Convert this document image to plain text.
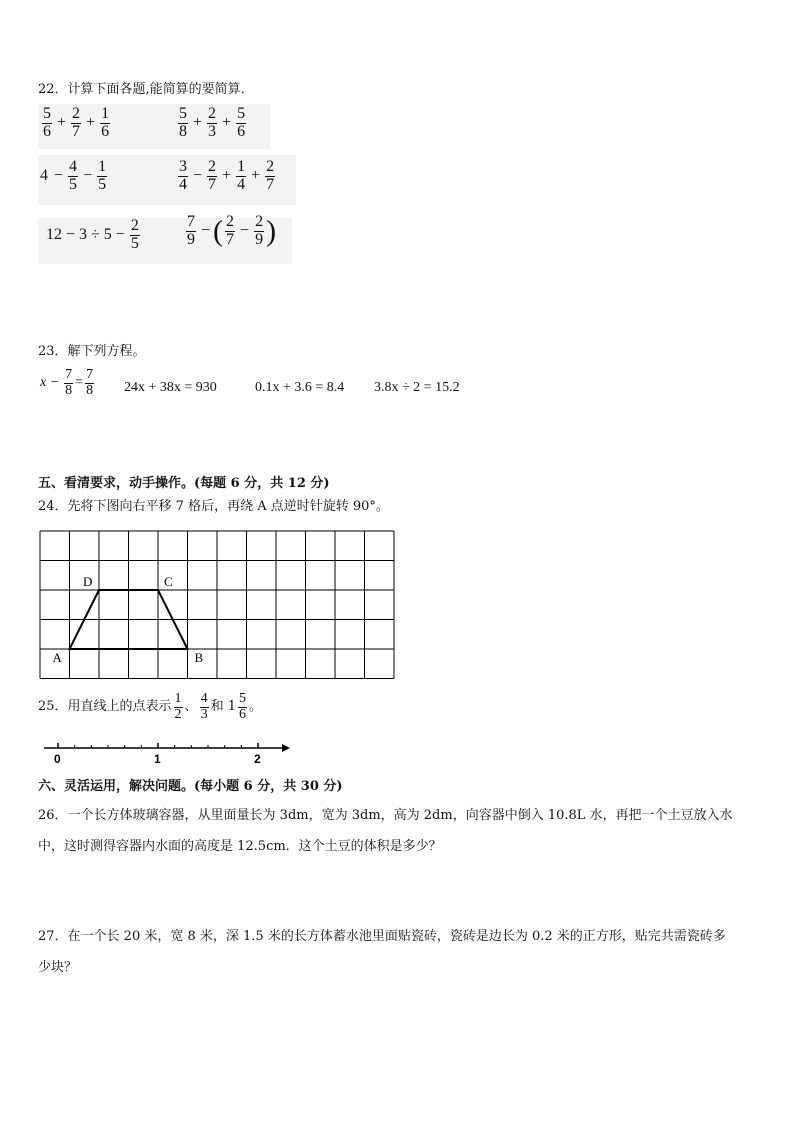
22．计算下面各题,能简算的要简算．
$\frac{5}{6} + \frac{2}{7} + \frac{1}{6}$	$\frac{5}{8} + \frac{2}{3} + \frac{5}{6}$
$4 - \frac{4}{5} - \frac{1}{5}$	$\frac{3}{4} - \frac{2}{7} + \frac{1}{4} + \frac{2}{7}$
$12 - 3 \div 5 - \frac{2}{5}$	$\frac{7}{9}$ − ( $\frac{2}{7} - \frac{2}{9}$ )
23．解下列方程。
$x - \frac{7}{8} = \frac{7}{8} 24x + 38x = 930$	0.1x + 3.6 = 8.4 3.8x ÷ 2 = 15.2
五、看清要求，动手操作。(每题 6 分，共 12 分)
24．先将下图向右平移 7 格后，再绕 A 点逆时针旋转 90°。
D	C
A	B
25．用直线上的点表示 $\frac{1}{2}$ 、 $\frac{4}{3}$ 和 $1 \frac{5}{6}$ 。
0	1	2
六、灵活运用，解决问题。(每小题 6 分，共 30 分)
26．一个长方体玻璃容器，从里面量长为 3dm，宽为 3dm，高为 2dm，向容器中倒入 10.8L 水，再把一个土豆放入水
中，这时测得容器内水面的高度是 12.5cm．这个土豆的体积是多少？
27．在一个长 20 米，宽 8 米，深 1.5 米的长方体蓄水池里面贴瓷砖，瓷砖是边长为 0.2 米的正方形，贴完共需瓷砖多
少块？
